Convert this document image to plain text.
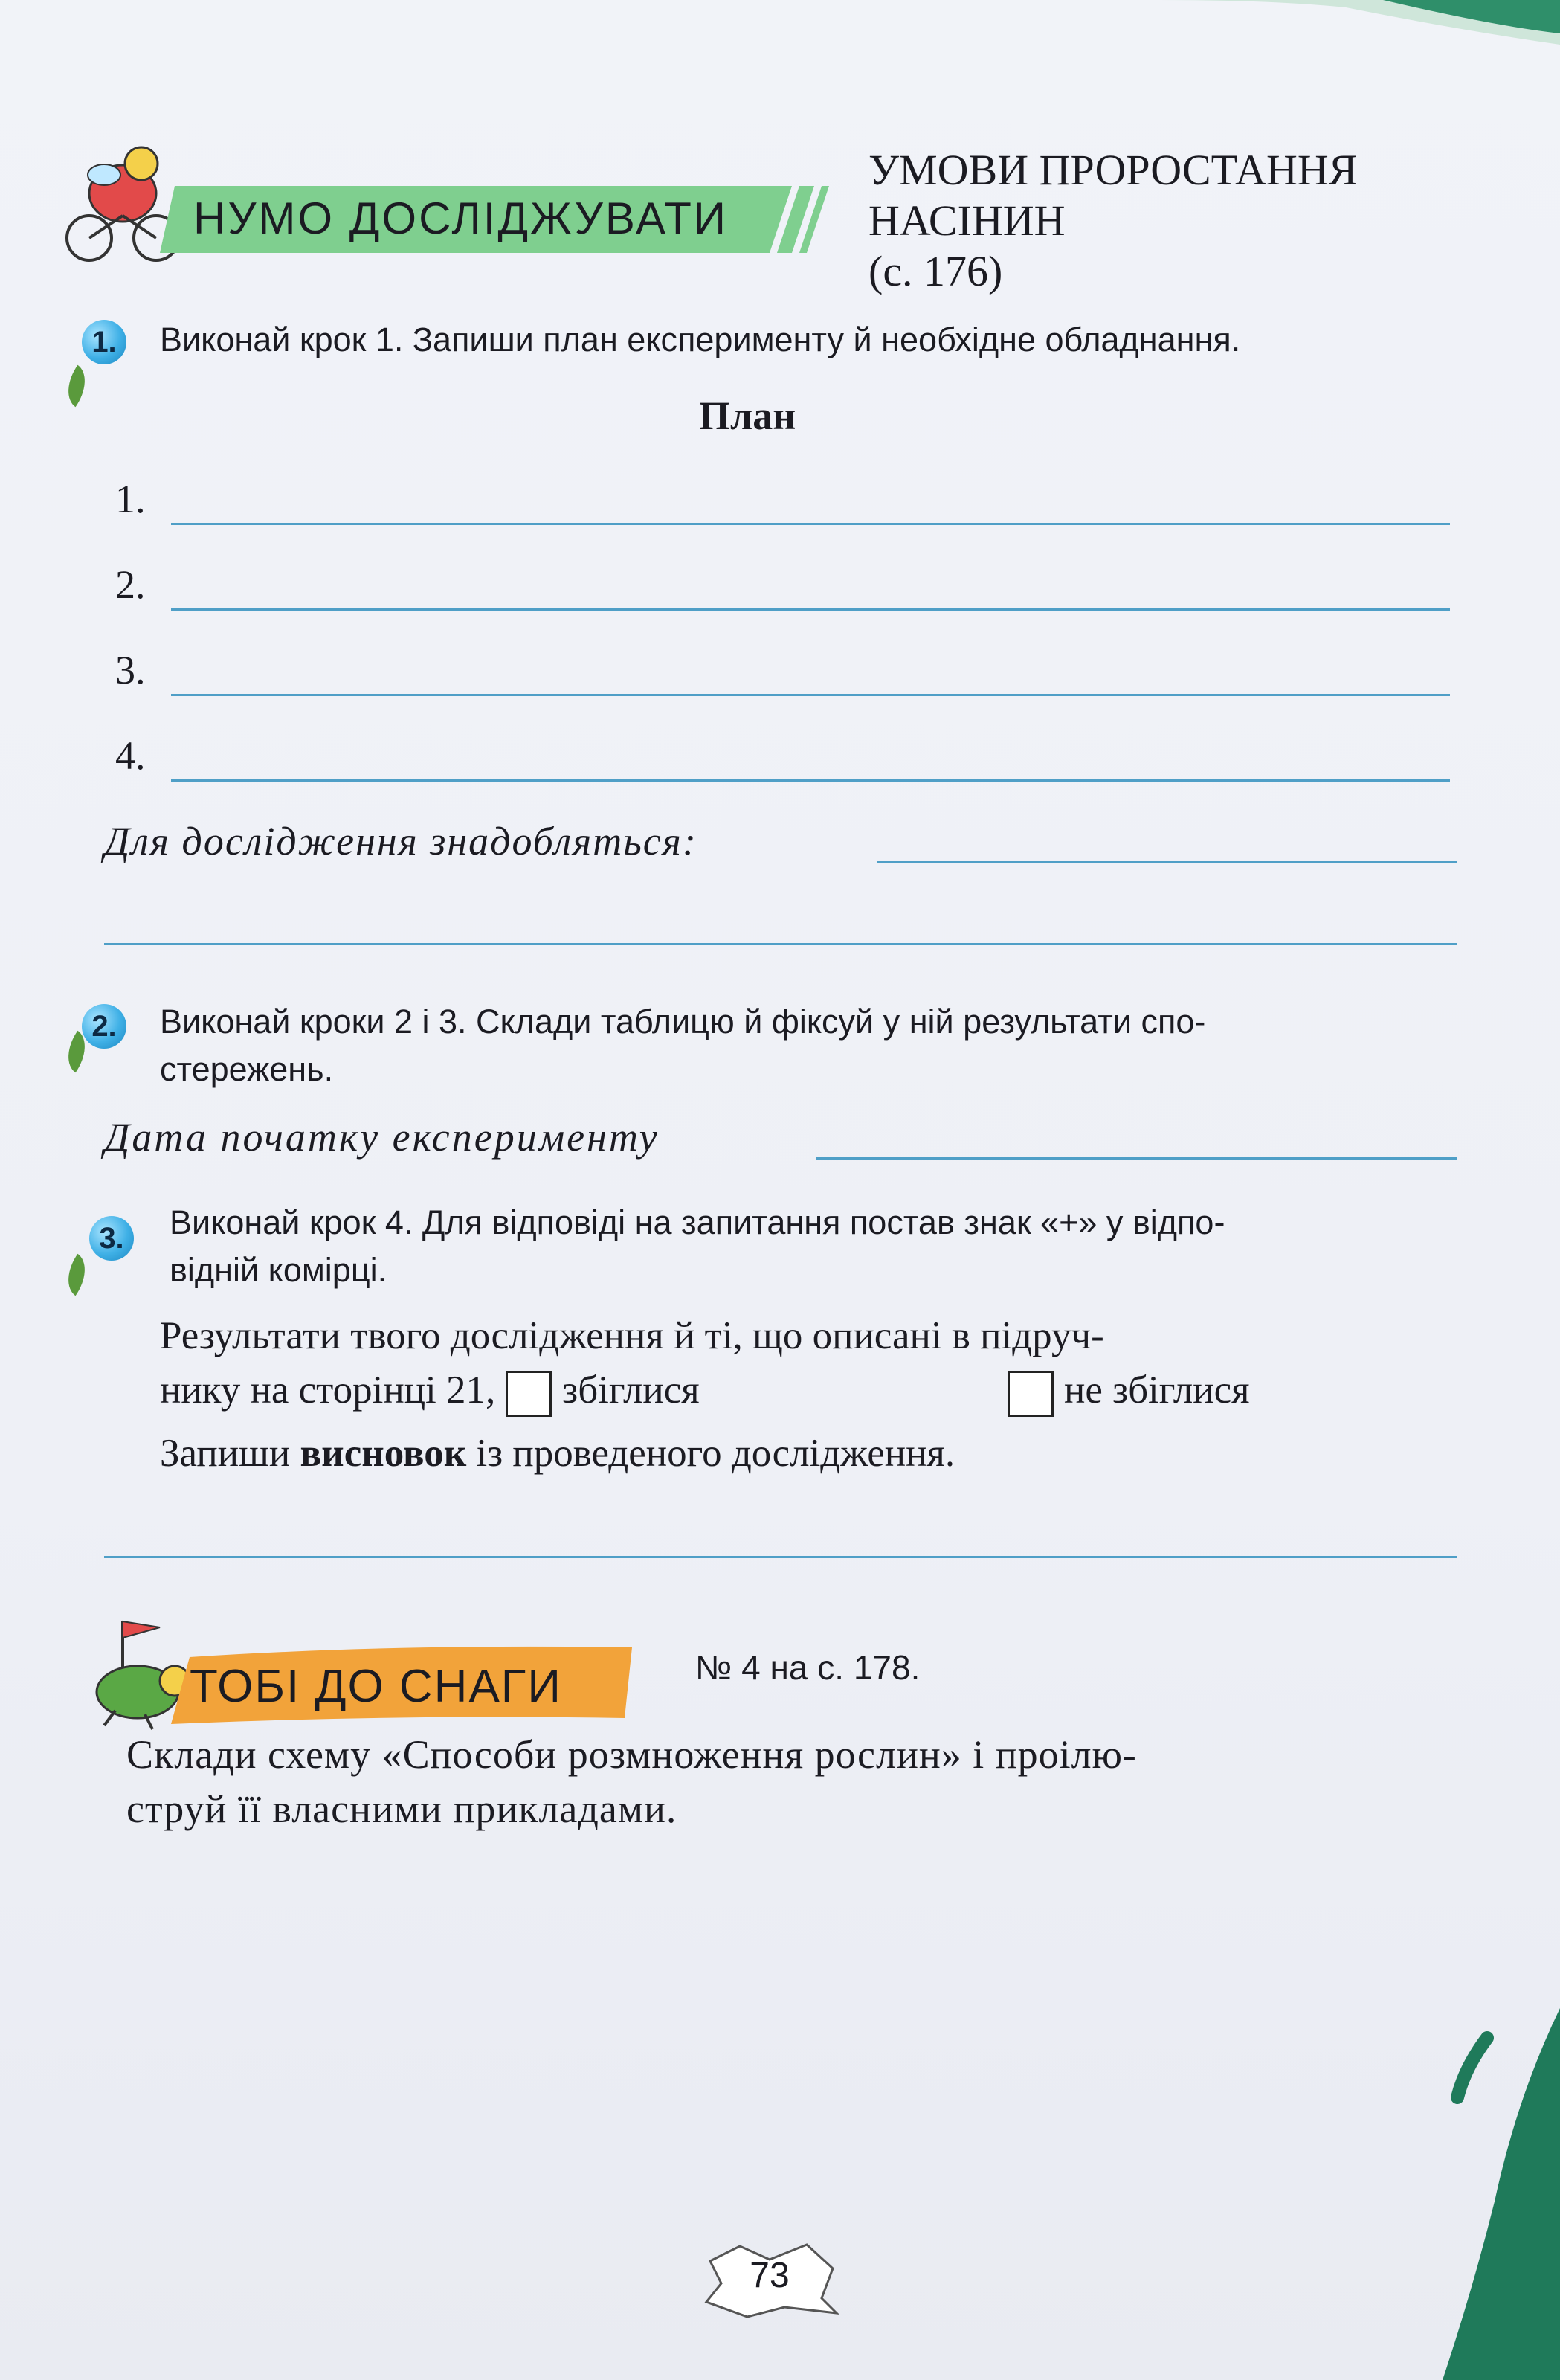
НУМО ДОСЛІДЖУВАТИ
УМОВИ ПРОРОСТАННЯ
НАСІНИН
(с. 176)
1. Виконай крок 1. Запиши план експерименту й необхідне обладнання.
План
1.
2.
3.
4.
Для дослідження знадобляться:
2. Виконай кроки 2 і 3. Склади таблицю й фіксуй у ній результати спо-
стережень.
Дата початку експерименту
3. Виконай крок 4. Для відповіді на запитання постав знак «+» у відпо-
відній комірці.
Результати твого дослідження й ті, що описані в підруч-
нику на сторінці 21, збіглися	не збіглися
Запиши висновок із проведеного дослідження.
ТОБІ ДО СНАГИ	№ 4 на с. 178.
Склади схему «Способи розмноження рослин» і проілю-
струй її власними прикладами.
73
